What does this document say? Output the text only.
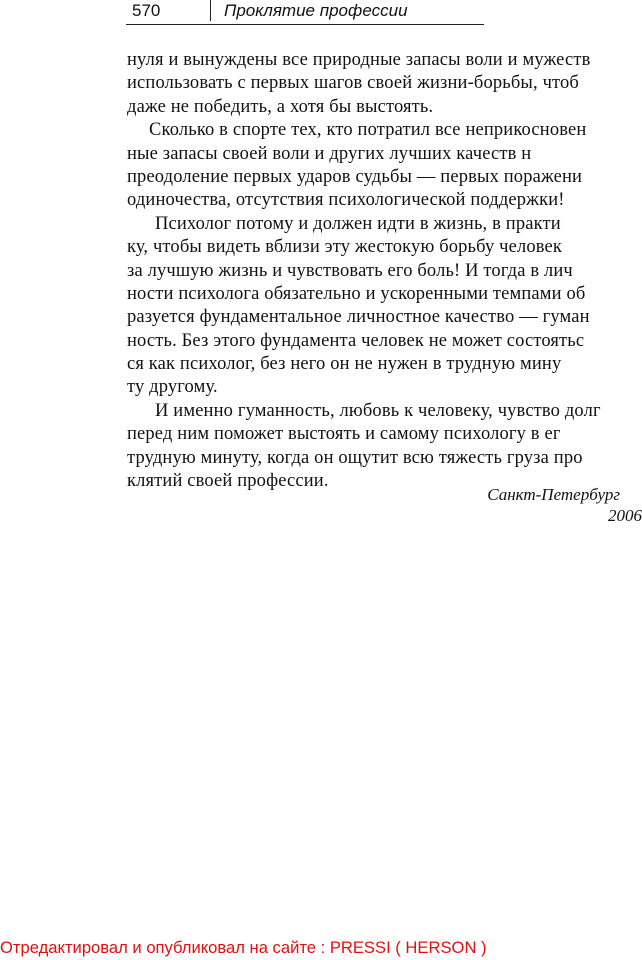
570	Проклятие профессии
нуля и вынуждены все природные запасы воли и мужеств
использовать с первых шагов своей жизни-борьбы, чтоб
даже не победить, а хотя бы выстоять.
Сколько в спорте тех, кто потратил все неприкосновен
ные запасы своей воли и других лучших качеств н
преодоление первых ударов судьбы — первых поражени
одиночества, отсутствия психологической поддержки!
Психолог потому и должен идти в жизнь, в практи
ку, чтобы видеть вблизи эту жестокую борьбу человек
за лучшую жизнь и чувствовать его боль! И тогда в лич
ности психолога обязательно и ускоренными темпами об
разуется фундаментальное личностное качество — гуман
ность. Без этого фундамента человек не может состоятьс
ся как психолог, без него он не нужен в трудную мину
ту другому.
И именно гуманность, любовь к человеку, чувство долг
перед ним поможет выстоять и самому психологу в ег
трудную минуту, когда он ощутит всю тяжесть груза про
клятий своей профессии.
Санкт-Петербург
2006
Отредактировал и опубликовал на сайте : PRESSI ( HERSON )
